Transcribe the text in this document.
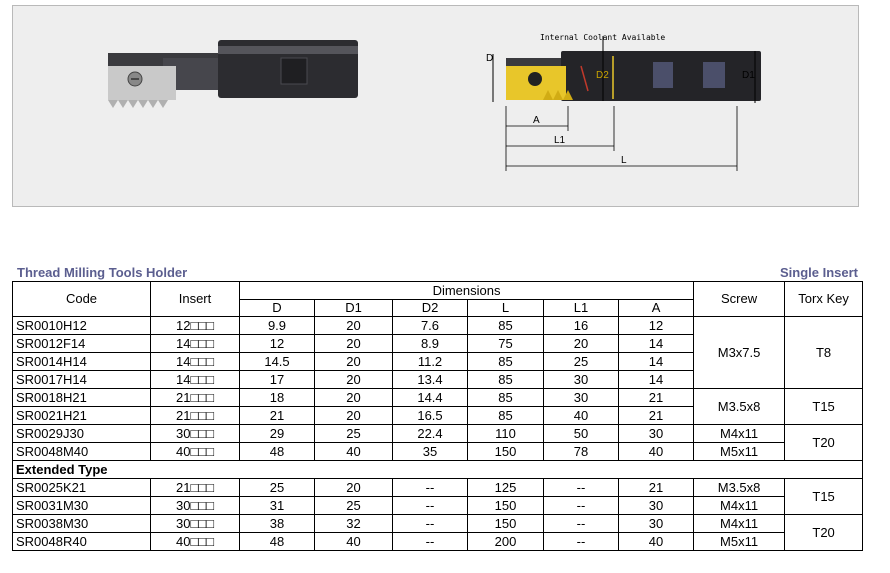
Internal Coolant Available
D
D2	D1
A
L1
L
Thread Milling Tools Holder	Single Insert
Code	Insert	Dimensions						Screw	Torx Key
		D	D1	D2	L	L1	A		
SR0010H12	12□□□	9.9	20	7.6	85	16	12	M3x7.5	T8
SR0012F14	14□□□	12	20	8.9	75	20	14		
SR0014H14	14□□□	14.5	20	11.2	85	25	14		
SR0017H14	14□□□	17	20	13.4	85	30	14		
SR0018H21	21□□□	18	20	14.4	85	30	21	M3.5x8	T15
SR0021H21	21□□□	21	20	16.5	85	40	21		
SR0029J30	30□□□	29	25	22.4	110	50	30	M4x11	T20
SR0048M40	40□□□	48	40	35	150	78	40	M5x11	
Extended Type									
SR0025K21	21□□□	25	20	--	125	--	21	M3.5x8	T15
SR0031M30	30□□□	31	25	--	150	--	30	M4x11	
SR0038M30	30□□□	38	32	--	150	--	30	M4x11	T20
SR0048R40	40□□□	48	40	--	200	--	40	M5x11	
